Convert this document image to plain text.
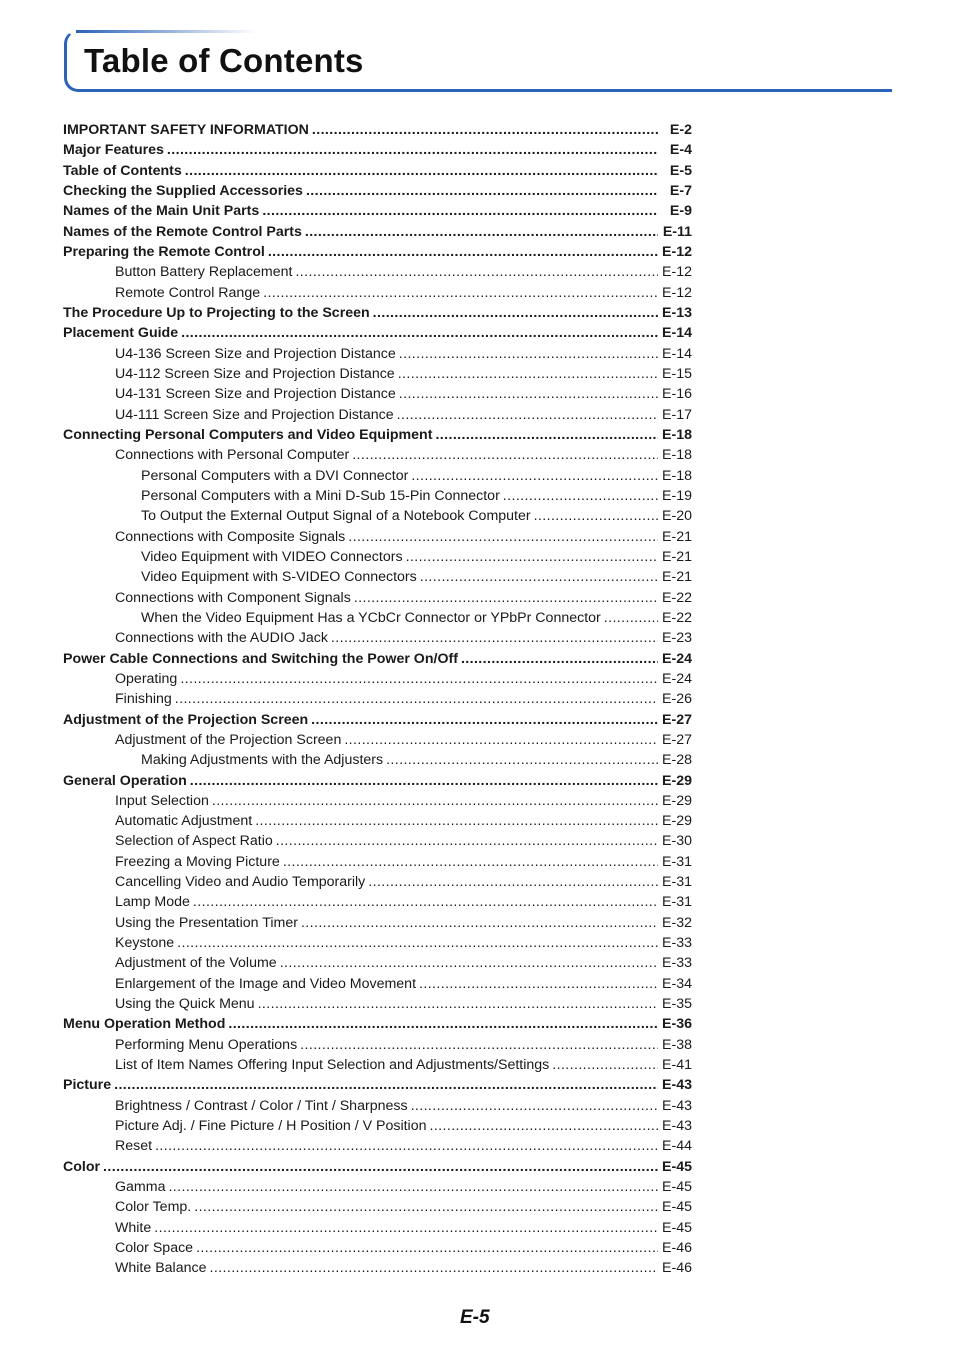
Table of Contents
IMPORTANT SAFETY INFORMATION .....	E-2
Major Features .....	E-4
Table of Contents .....	E-5
Checking the Supplied Accessories .....	E-7
Names of the Main Unit Parts .....	E-9
Names of the Remote Control Parts .....	E-11
Preparing the Remote Control .....	E-12
Button Battery Replacement .....	E-12
Remote Control Range .....	E-12
The Procedure Up to Projecting to the Screen .....	E-13
Placement Guide .....	E-14
U4-136 Screen Size and Projection Distance .....	E-14
U4-112 Screen Size and Projection Distance .....	E-15
U4-131 Screen Size and Projection Distance .....	E-16
U4-111 Screen Size and Projection Distance .....	E-17
Connecting Personal Computers and Video Equipment .....	E-18
Connections with Personal Computer .....	E-18
Personal Computers with a DVI Connector .....	E-18
Personal Computers with a Mini D-Sub 15-Pin Connector .....	E-19
To Output the External Output Signal of a Notebook Computer .....	E-20
Connections with Composite Signals .....	E-21
Video Equipment with VIDEO Connectors .....	E-21
Video Equipment with S-VIDEO Connectors .....	E-21
Connections with Component Signals .....	E-22
When the Video Equipment Has a YCbCr Connector or YPbPr Connector .....	E-22
Connections with the AUDIO Jack .....	E-23
Power Cable Connections and Switching the Power On/Off .....	E-24
Operating .....	E-24
Finishing .....	E-26
Adjustment of the Projection Screen .....	E-27
Adjustment of the Projection Screen .....	E-27
Making Adjustments with the Adjusters .....	E-28
General Operation .....	E-29
Input Selection .....	E-29
Automatic Adjustment .....	E-29
Selection of Aspect Ratio .....	E-30
Freezing a Moving Picture .....	E-31
Cancelling Video and Audio Temporarily .....	E-31
Lamp Mode .....	E-31
Using the Presentation Timer .....	E-32
Keystone .....	E-33
Adjustment of the Volume .....	E-33
Enlargement of the Image and Video Movement .....	E-34
Using the Quick Menu .....	E-35
Menu Operation Method .....	E-36
Performing Menu Operations .....	E-38
List of Item Names Offering Input Selection and Adjustments/Settings .....	E-41
Picture .....	E-43
Brightness / Contrast / Color / Tint / Sharpness .....	E-43
Picture Adj. / Fine Picture / H Position / V Position .....	E-43
Reset .....	E-44
Color .....	E-45
Gamma .....	E-45
Color Temp. .....	E-45
White .....	E-45
Color Space .....	E-46
White Balance .....	E-46
E-5
